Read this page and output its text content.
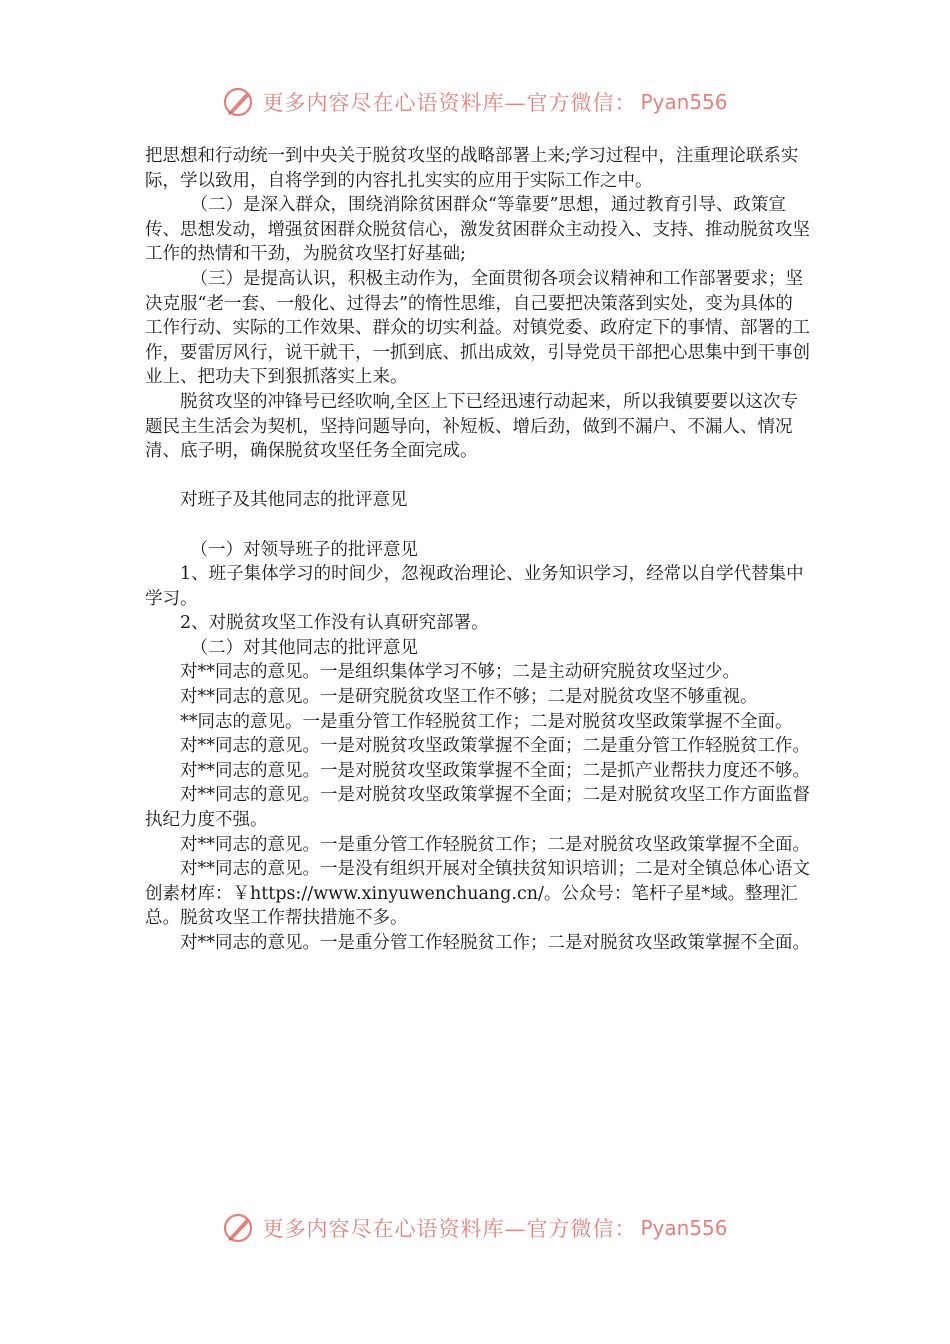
更多内容尽在心语资料库—官方微信： Pyan556

把思想和行动统一到中央关于脱贫攻坚的战略部署上来;学习过程中，注重理论联系实际，学以致用，自将学到的内容扎扎实实的应用于实际工作之中。

（二）是深入群众，围绕消除贫困群众“等靠要”思想，通过教育引导、政策宣传、思想发动，增强贫困群众脱贫信心，激发贫困群众主动投入、支持、推动脱贫攻坚工作的热情和干劲，为脱贫攻坚打好基础;

（三）是提高认识，积极主动作为，全面贯彻各项会议精神和工作部署要求；坚决克服“老一套、一般化、过得去”的惰性思维，自己要把决策落到实处，变为具体的工作行动、实际的工作效果、群众的切实利益。对镇党委、政府定下的事情、部署的工作，要雷厉风行，说干就干，一抓到底、抓出成效，引导党员干部把心思集中到干事创业上、把功夫下到狠抓落实上来。

脱贫攻坚的冲锋号已经吹响,全区上下已经迅速行动起来，所以我镇要要以这次专题民主生活会为契机，坚持问题导向，补短板、增后劲，做到不漏户、不漏人、情况清、底子明，确保脱贫攻坚任务全面完成。

对班子及其他同志的批评意见

（一）对领导班子的批评意见

1、班子集体学习的时间少，忽视政治理论、业务知识学习，经常以自学代替集中学习。

2、对脱贫攻坚工作没有认真研究部署。

（二）对其他同志的批评意见

对**同志的意见。一是组织集体学习不够；二是主动研究脱贫攻坚过少。

对**同志的意见。一是研究脱贫攻坚工作不够；二是对脱贫攻坚不够重视。

**同志的意见。一是重分管工作轻脱贫工作；二是对脱贫攻坚政策掌握不全面。

对**同志的意见。一是对脱贫攻坚政策掌握不全面；二是重分管工作轻脱贫工作。

对**同志的意见。一是对脱贫攻坚政策掌握不全面；二是抓产业帮扶力度还不够。

对**同志的意见。一是对脱贫攻坚政策掌握不全面；二是对脱贫攻坚工作方面监督执纪力度不强。

对**同志的意见。一是重分管工作轻脱贫工作；二是对脱贫攻坚政策掌握不全面。

对**同志的意见。一是没有组织开展对全镇扶贫知识培训；二是对全镇总体心语文创素材库：￥https://www.xinyuwenchuang.cn/。公众号：笔杆子星*域。整理汇总。脱贫攻坚工作帮扶措施不多。

对**同志的意见。一是重分管工作轻脱贫工作；二是对脱贫攻坚政策掌握不全面。

更多内容尽在心语资料库—官方微信： Pyan556
